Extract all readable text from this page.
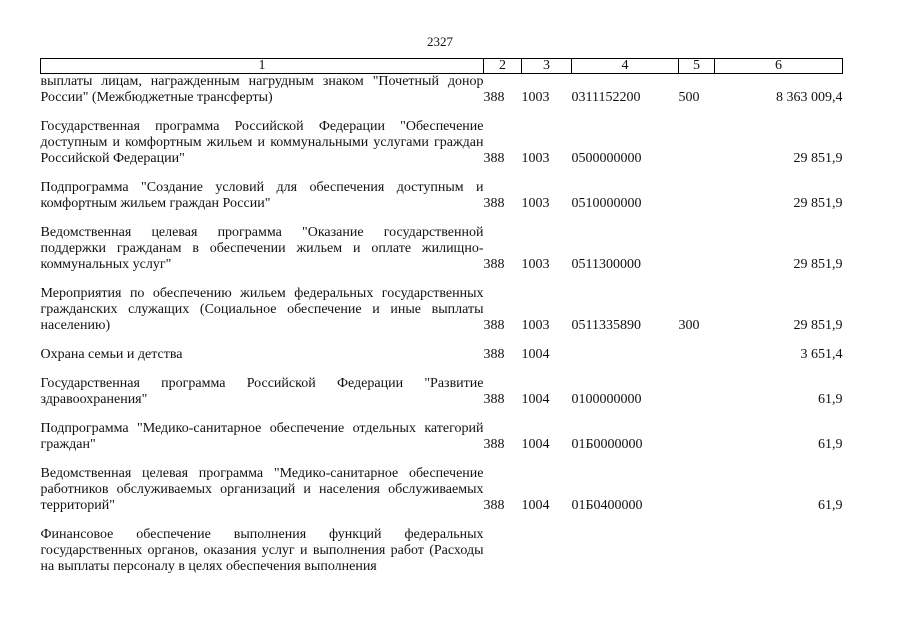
2327
1	2	3	4	5	6
выплаты лицам, награжденным нагрудным знаком "Почетный донор России" (Межбюджетные трансферты)	388	1003	0311152200	500	8 363 009,4

Государственная программа Российской Федерации "Обеспечение доступным и комфортным жильем и коммунальными услугами граждан Российской Федерации"	388	1003	0500000000		29 851,9

Подпрограмма "Создание условий для обеспечения доступным и комфортным жильем граждан России"	388	1003	0510000000		29 851,9

Ведомственная целевая программа "Оказание государственной поддержки гражданам в обеспечении жильем и оплате жилищно-коммунальных услуг"	388	1003	0511300000		29 851,9

Мероприятия по обеспечению жильем федеральных государственных гражданских служащих (Социальное обеспечение и иные выплаты населению)	388	1003	0511335890	300	29 851,9

Охрана семьи и детства	388	1004			3 651,4

Государственная программа Российской Федерации "Развитие здравоохранения"	388	1004	0100000000		61,9

Подпрограмма "Медико-санитарное обеспечение отдельных категорий граждан"	388	1004	01Б0000000		61,9

Ведомственная целевая программа "Медико-санитарное обеспечение работников обслуживаемых организаций и населения обслуживаемых территорий"	388	1004	01Б0400000		61,9

Финансовое обеспечение выполнения функций федеральных государственных органов, оказания услуг и выполнения работ (Расходы на выплаты персоналу в целях обеспечения выполнения					
